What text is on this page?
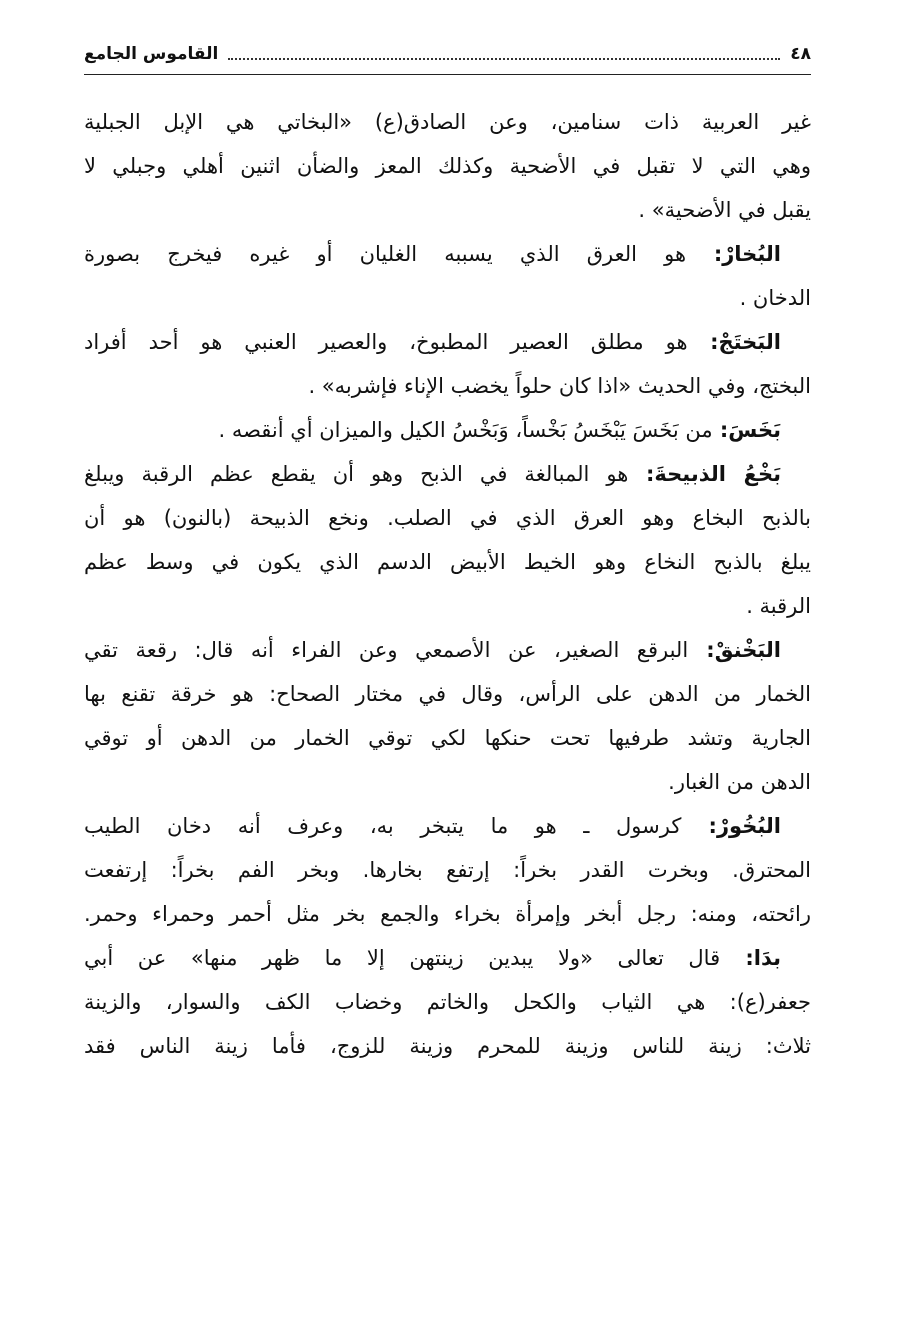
٤٨
القاموس الجامع
غير العربية ذات سنامين، وعن الصادق(ع) «البخاتي هي الإبل الجبلية
وهي التي لا تقبل في الأضحية وكذلك المعز والضأن اثنين أهلي وجبلي لا
يقبل في الأضحية» .
البُخارْ: هو العرق الذي يسببه الغليان أو غيره فيخرج بصورة
الدخان .
البَختَجْ: هو مطلق العصير المطبوخ، والعصير العنبي هو أحد أفراد
البختج، وفي الحديث «اذا كان حلواً يخضب الإناء فإشربه» .
بَخَسَ: من بَخَسَ يَبْخَسُ بَخْساً، وَبَخْسُ الكيل والميزان أي أنقصه .
بَخْعُ الذبيحةَ: هو المبالغة في الذبح وهو أن يقطع عظم الرقبة ويبلغ
بالذبح البخاع وهو العرق الذي في الصلب. ونخع الذبيحة (بالنون) هو أن
يبلغ بالذبح النخاع وهو الخيط الأبيض الدسم الذي يكون في وسط عظم
الرقبة .
البَخْنقْ: البرقع الصغير، عن الأصمعي وعن الفراء أنه قال: رقعة تقي
الخمار من الدهن على الرأس، وقال في مختار الصحاح: هو خرقة تقنع بها
الجارية وتشد طرفيها تحت حنكها لكي توقي الخمار من الدهن أو توقي
الدهن من الغبار.
البُخُورْ: كرسول ـ هو ما يتبخر به، وعرف أنه دخان الطيب
المحترق. وبخرت القدر بخراً: إرتفع بخارها. وبخر الفم بخراً: إرتفعت
رائحته، ومنه: رجل أبخر وإمرأة بخراء والجمع بخر مثل أحمر وحمراء وحمر.
بدَا: قال تعالى «ولا يبدين زينتهن إلا ما ظهر منها» عن أبي
جعفر(ع): هي الثياب والكحل والخاتم وخضاب الكف والسوار، والزينة
ثلاث: زينة للناس وزينة للمحرم وزينة للزوج، فأما زينة الناس فقد
